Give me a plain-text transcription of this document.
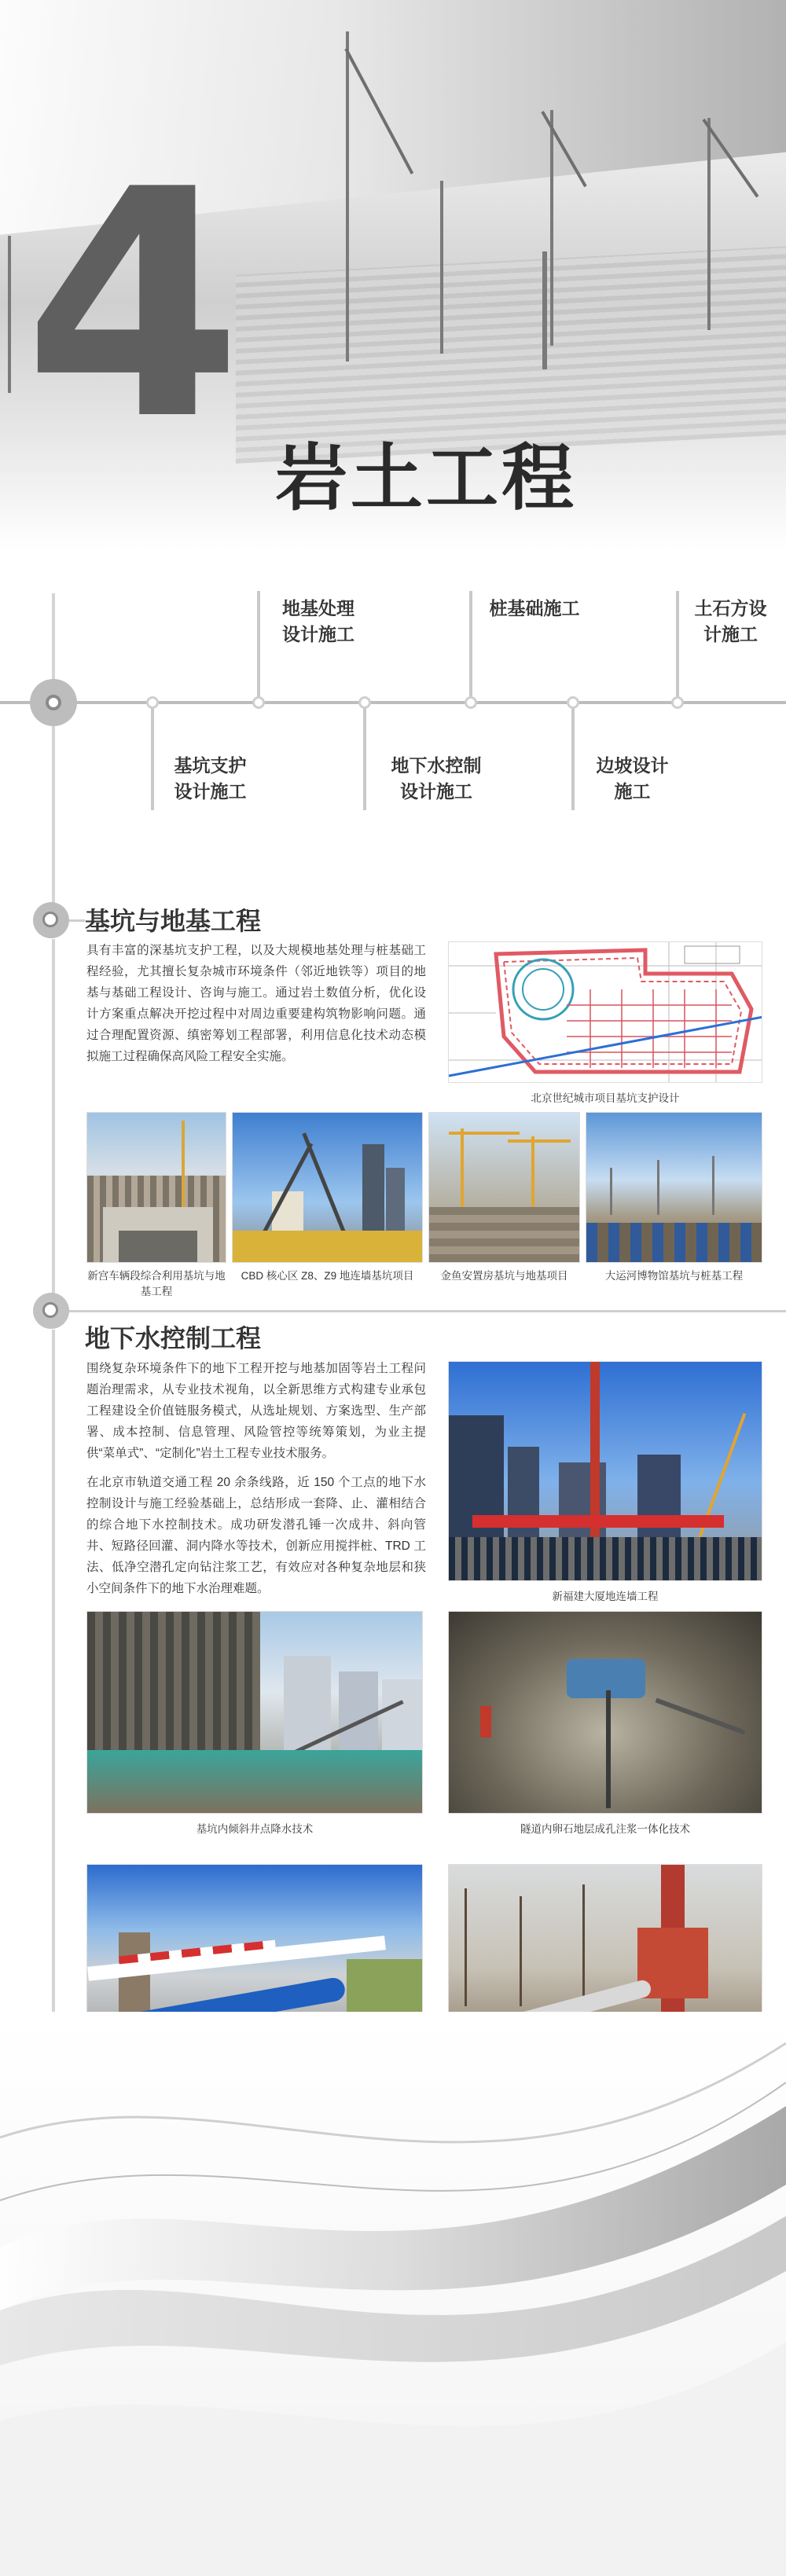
4 岩土工程
地基处理
设计施工
桩基础施工	土石方设
计施工
基坑支护
设计施工
地下水控制
设计施工
边坡设计
施工
基坑与地基工程
具有丰富的深基坑支护工程，以及大规模地基处理与桩基础工程经验，尤其擅长复杂城市环境条件（邻近地铁等）项目的地基与基础工程设计、咨询与施工。通过岩土数值分析，优化设计方案重点解决开挖过程中对周边重要建构筑物影响问题。通过合理配置资源、缜密筹划工程部署，利用信息化技术动态模拟施工过程确保高风险工程安全实施。
北京世纪城市项目基坑支护设计
新宫车辆段综合利用基坑与地基工程
CBD 核心区 Z8、Z9 地连墙基坑项目	金鱼安置房基坑与地基项目	大运河博物馆基坑与桩基工程
地下水控制工程

围绕复杂环境条件下的地下工程开挖与地基加固等岩土工程问题治理需求，从专业技术视角，以全新思维方式构建专业承包工程建设全价值链服务模式，从选址规划、方案选型、生产部署、成本控制、信息管理、风险管控等统筹策划，为业主提供“菜单式”、“定制化”岩土工程专业技术服务。

在北京市轨道交通工程 20 余条线路，近 150 个工点的地下水控制设计与施工经验基础上，总结形成一套降、止、灌相结合的综合地下水控制技术。成功研发潜孔锤一次成井、斜向管井、短路径回灌、洞内降水等技术，创新应用搅拌桩、TRD 工法、低净空潜孔定向钻注浆工艺，有效应对各种复杂地层和狭小空间条件下的地下水治理难题。

新福建大厦地连墙工程
基坑内倾斜井点降水技术	隧道内卵石地层成孔注浆一体化技术
